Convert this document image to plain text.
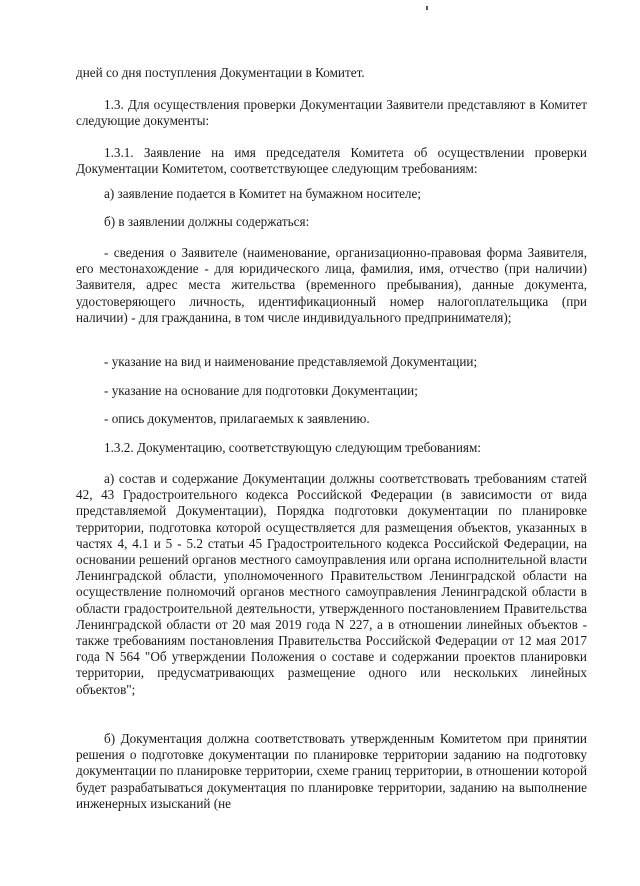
дней со дня поступления Документации в Комитет.

1.3. Для осуществления проверки Документации Заявители представляют в Комитет следующие документы:

1.3.1. Заявление на имя председателя Комитета об осуществлении проверки Документации Комитетом, соответствующее следующим требованиям:

а) заявление подается в Комитет на бумажном носителе;

б) в заявлении должны содержаться:

- сведения о Заявителе (наименование, организационно-правовая форма Заявителя, его местонахождение - для юридического лица, фамилия, имя, отчество (при наличии) Заявителя, адрес места жительства (временного пребывания), данные документа, удостоверяющего личность, идентификационный номер налогоплательщика (при наличии) - для гражданина, в том числе индивидуального предпринимателя);

- указание на вид и наименование представляемой Документации;

- указание на основание для подготовки Документации;

- опись документов, прилагаемых к заявлению.

1.3.2. Документацию, соответствующую следующим требованиям:

а) состав и содержание Документации должны соответствовать требованиям статей 42, 43 Градостроительного кодекса Российской Федерации (в зависимости от вида представляемой Документации), Порядка подготовки документации по планировке территории, подготовка которой осуществляется для размещения объектов, указанных в частях 4, 4.1 и 5 - 5.2 статьи 45 Градостроительного кодекса Российской Федерации, на основании решений органов местного самоуправления или органа исполнительной власти Ленинградской области, уполномоченного Правительством Ленинградской области на осуществление полномочий органов местного самоуправления Ленинградской области в области градостроительной деятельности, утвержденного постановлением Правительства Ленинградской области от 20 мая 2019 года N 227, а в отношении линейных объектов - также требованиям постановления Правительства Российской Федерации от 12 мая 2017 года N 564 "Об утверждении Положения о составе и содержании проектов планировки территории, предусматривающих размещение одного или нескольких линейных объектов";

б) Документация должна соответствовать утвержденным Комитетом при принятии решения о подготовке документации по планировке территории заданию на подготовку документации по планировке территории, схеме границ территории, в отношении которой будет разрабатываться документация по планировке территории, заданию на выполнение инженерных изысканий (не
